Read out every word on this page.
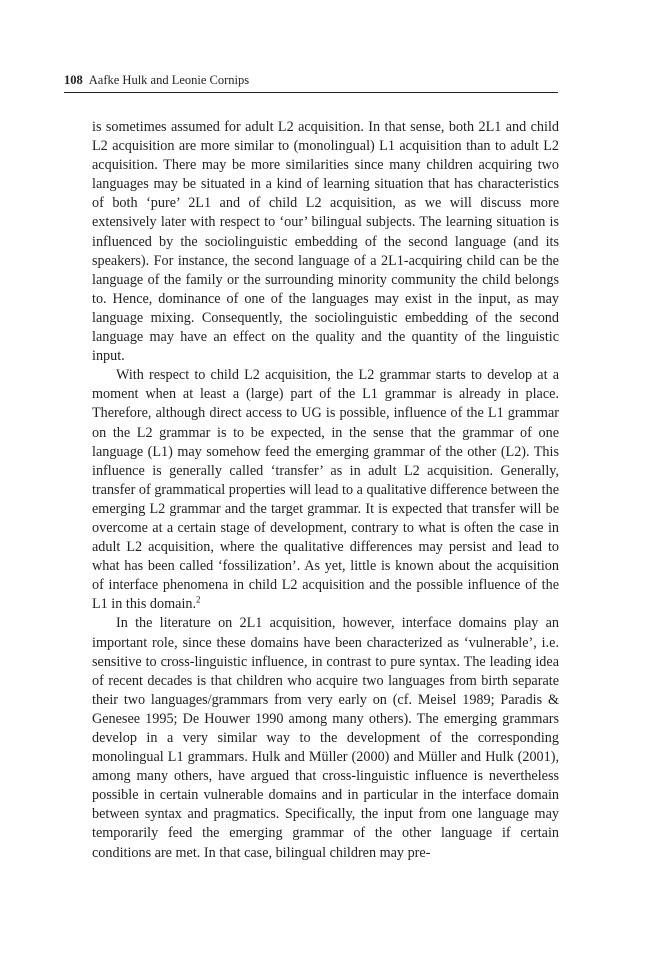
108 Aafke Hulk and Leonie Cornips

is sometimes assumed for adult L2 acquisition. In that sense, both 2L1 and child L2 acquisition are more similar to (monolingual) L1 acquisition than to adult L2 acquisition. There may be more similarities since many children acquiring two languages may be situated in a kind of learning situation that has characteristics of both ‘pure’ 2L1 and of child L2 acquisition, as we will discuss more extensively later with respect to ‘our’ bilingual subjects. The learning situation is influenced by the sociolinguistic embedding of the second language (and its speakers). For instance, the second language of a 2L1-acquiring child can be the language of the family or the surrounding minority community the child belongs to. Hence, dominance of one of the languages may exist in the input, as may language mixing. Consequently, the sociolinguistic embedding of the second language may have an effect on the quality and the quantity of the linguistic input.

With respect to child L2 acquisition, the L2 grammar starts to develop at a moment when at least a (large) part of the L1 grammar is already in place. Therefore, although direct access to UG is possible, influence of the L1 grammar on the L2 grammar is to be expected, in the sense that the grammar of one language (L1) may somehow feed the emerging grammar of the other (L2). This influence is generally called ‘transfer’ as in adult L2 acquisition. Generally, transfer of grammatical properties will lead to a qualitative difference between the emerging L2 grammar and the target grammar. It is expected that transfer will be overcome at a certain stage of development, contrary to what is often the case in adult L2 acquisition, where the qualitative differences may persist and lead to what has been called ‘fossilization’. As yet, little is known about the acquisition of interface phenomena in child L2 acquisition and the possible influence of the L1 in this domain.$^2$

In the literature on 2L1 acquisition, however, interface domains play an important role, since these domains have been characterized as ‘vulnerable’, i.e. sensitive to cross-linguistic influence, in contrast to pure syntax. The leading idea of recent decades is that children who acquire two languages from birth separate their two languages/grammars from very early on (cf. Meisel 1989; Paradis & Genesee 1995; De Houwer 1990 among many others). The emerging grammars develop in a very similar way to the development of the corresponding monolingual L1 grammars. Hulk and Müller (2000) and Müller and Hulk (2001), among many others, have argued that cross-linguistic influence is nevertheless possible in certain vulnerable domains and in particular in the interface domain between syntax and pragmatics. Specifically, the input from one language may temporarily feed the emerging grammar of the other language if certain conditions are met. In that case, bilingual children may pre-
